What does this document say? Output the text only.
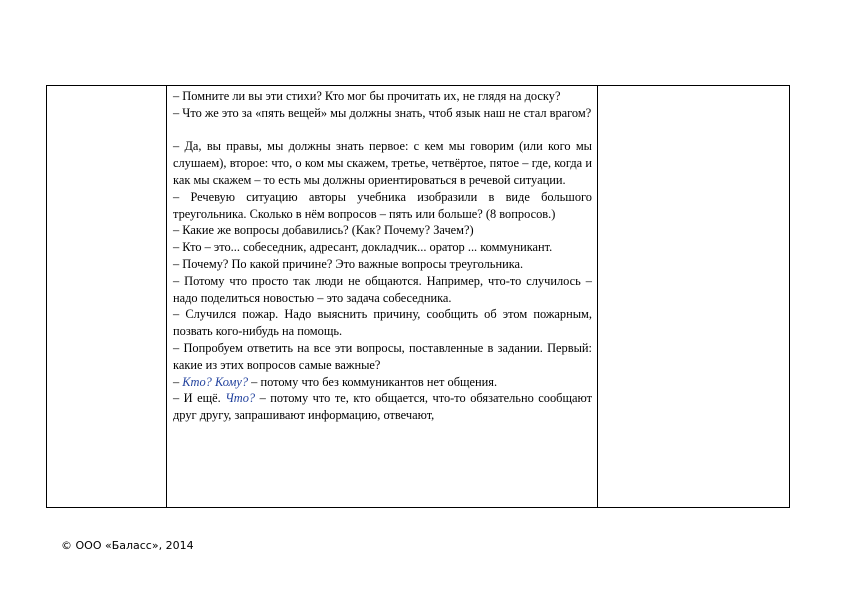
– Помните ли вы эти стихи? Кто мог бы прочитать их, не глядя на доску?

– Что же это за «пять вещей» мы должны знать, чтоб язык наш не стал врагом?

– Да, вы правы, мы должны знать первое: с кем мы говорим (или кого мы слушаем), второе: что, о ком мы скажем, третье, четвёртое, пятое – где, когда и как мы скажем – то есть мы должны ориентироваться в речевой ситуации.

– Речевую ситуацию авторы учебника изобразили в виде большого треугольника. Сколько в нём вопросов – пять или больше? (8 вопросов.)

– Какие же вопросы добавились? (Как? Почему? Зачем?)

– Кто – это... собеседник, адресант, докладчик... оратор ... коммуникант.

– Почему? По какой причине? Это важные вопросы треугольника.

– Потому что просто так люди не общаются. Например, что-то случилось – надо поделиться новостью – это задача собеседника.

– Случился пожар. Надо выяснить причину, сообщить об этом пожарным, позвать кого-нибудь на помощь.

– Попробуем ответить на все эти вопросы, поставленные в задании. Первый: какие из этих вопросов самые важные?

– Кто? Кому? – потому что без коммуникантов нет общения.

– И ещё. Что? – потому что те, кто общается, что-то обязательно сообщают друг другу, запрашивают информацию, отвечают,

© ООО «Баласс», 2014
